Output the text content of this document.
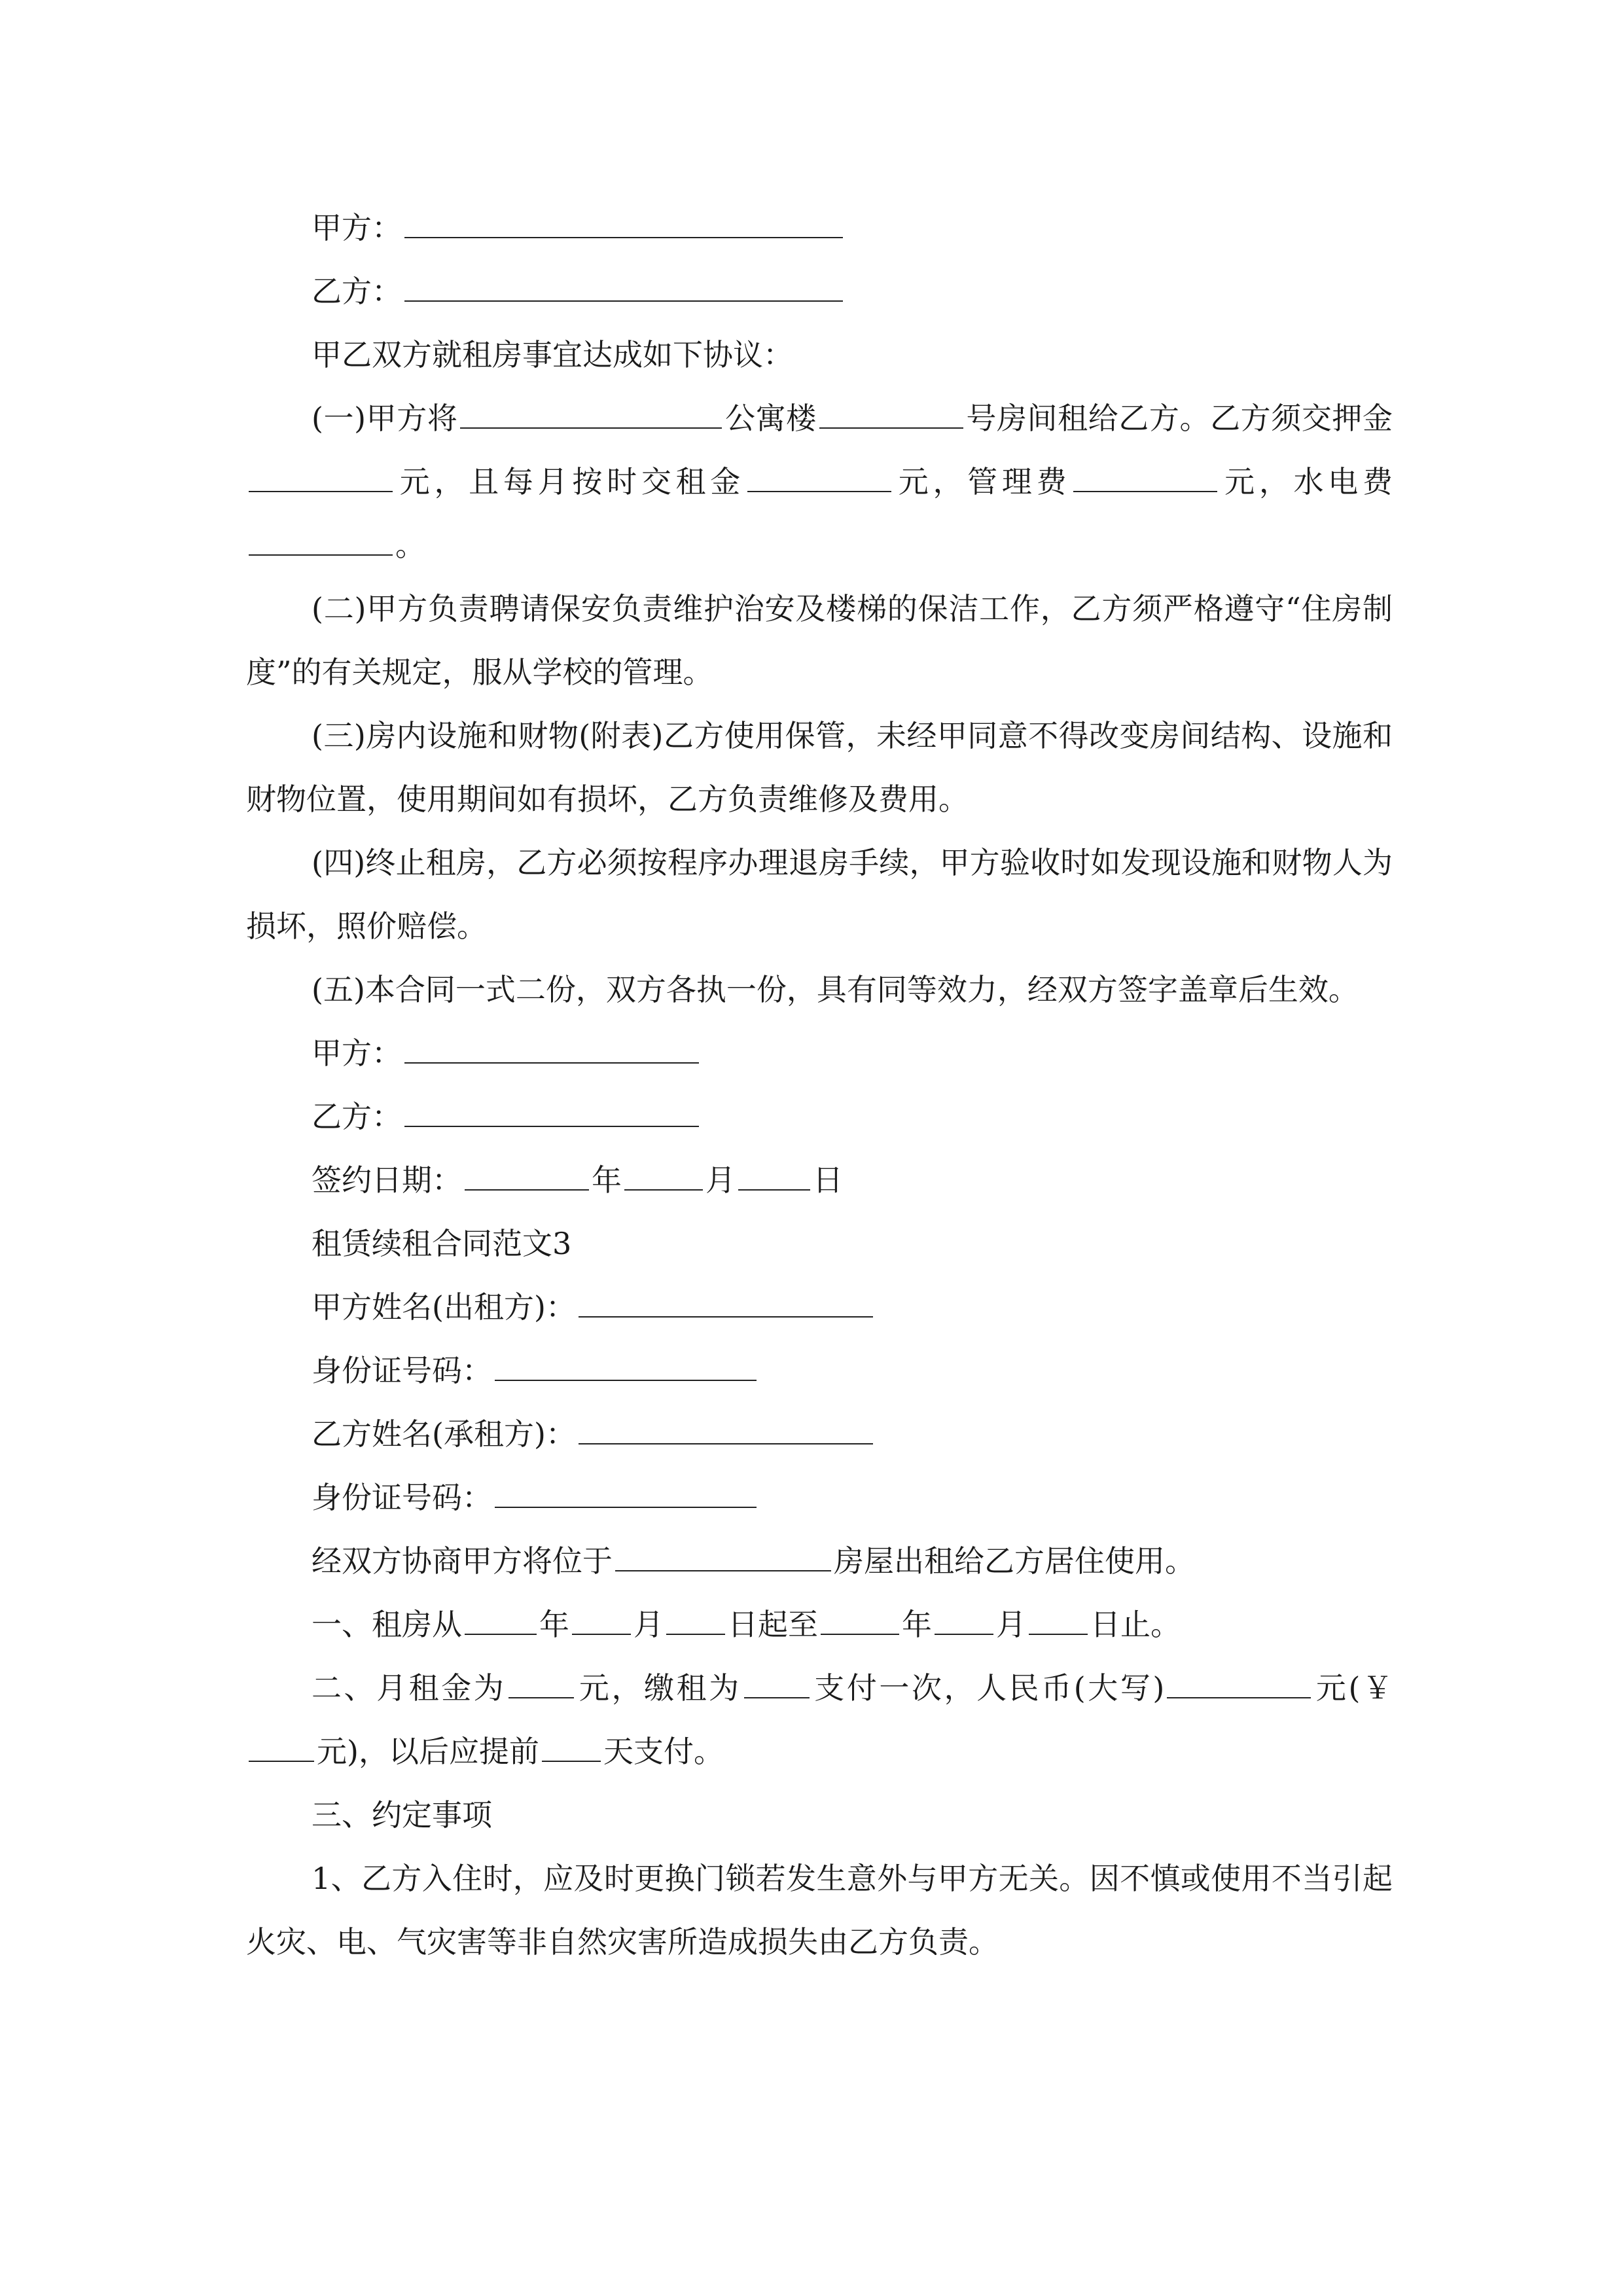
甲方：

乙方：

甲乙双方就租房事宜达成如下协议：

(一)甲方将	公寓楼	号房间租给乙方。乙方须交押金元，且每月按时交租金	元，管理费	元，水电费。

(二)甲方负责聘请保安负责维护治安及楼梯的保洁工作，乙方须严格遵守“住房制度”的有关规定，服从学校的管理。

(三)房内设施和财物(附表)乙方使用保管，未经甲同意不得改变房间结构、设施和财物位置，使用期间如有损坏，乙方负责维修及费用。

(四)终止租房，乙方必须按程序办理退房手续，甲方验收时如发现设施和财物人为损坏，照价赔偿。

(五)本合同一式二份，双方各执一份，具有同等效力，经双方签字盖章后生效。

甲方：

乙方：

签约日期：	年	月	日

租赁续租合同范文3

甲方姓名(出租方)：

身份证号码：

乙方姓名(承租方)：

身份证号码：

经双方协商甲方将位于	房屋出租给乙方居住使用。

一、租房从	年 月 日起至	年 月 日止。

二、月租金为 元，缴租为 支付一次，人民币(大写)	元(￥元)，以后应提前 天支付。

三、约定事项

1、乙方入住时，应及时更换门锁若发生意外与甲方无关。因不慎或使用不当引起火灾、电、气灾害等非自然灾害所造成损失由乙方负责。
